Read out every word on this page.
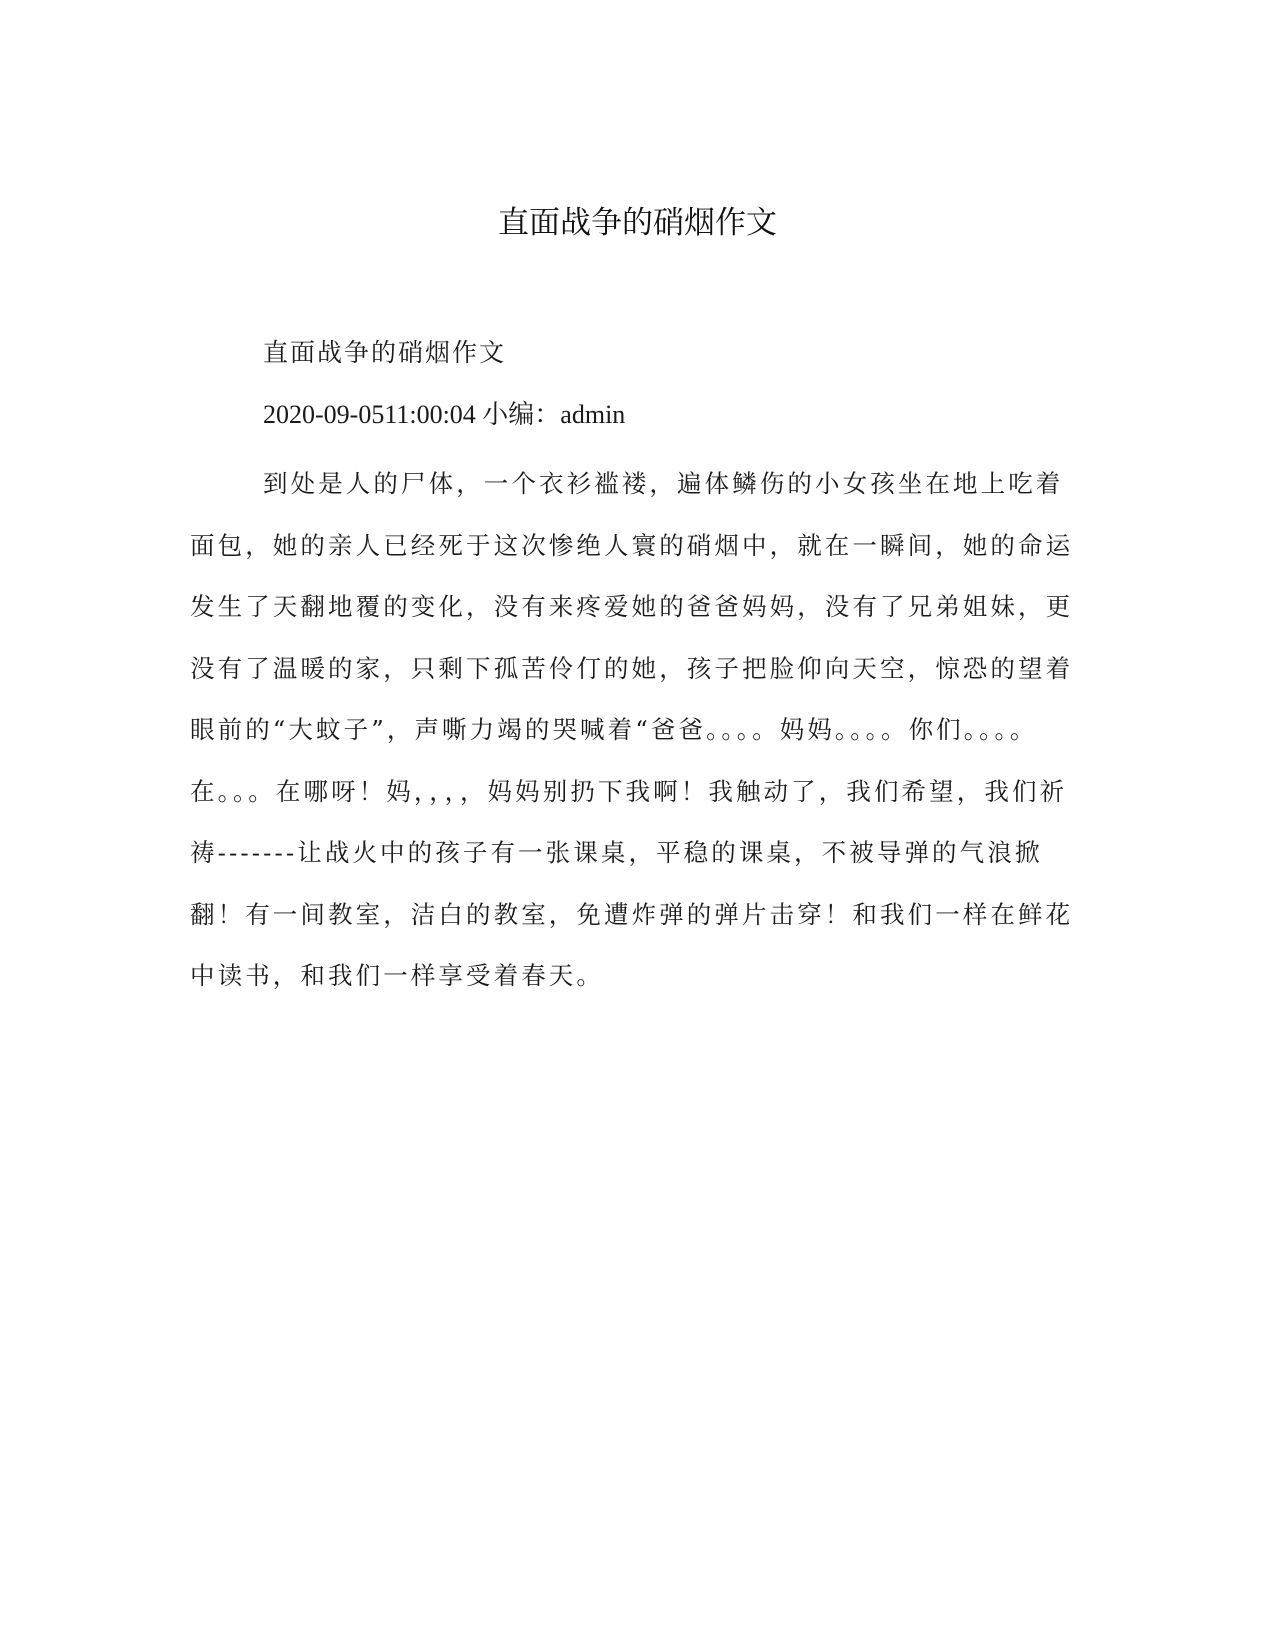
直面战争的硝烟作文
直面战争的硝烟作文
2020-09-0511:00:04 小编：admin

到处是人的尸体，一个衣衫褴褛，遍体鳞伤的小女孩坐在地上吃着面包，她的亲人已经死于这次惨绝人寰的硝烟中，就在一瞬间，她的命运发生了天翻地覆的变化，没有来疼爱她的爸爸妈妈，没有了兄弟姐妹，更没有了温暖的家，只剩下孤苦伶仃的她，孩子把脸仰向天空，惊恐的望着眼前的“大蚊子”，声嘶力竭的哭喊着“爸爸。。。。妈妈。。。。你们。。。。在。。。在哪呀！妈，，，，妈妈别扔下我啊！我触动了，我们希望，我们祈祷-------让战火中的孩子有一张课桌，平稳的课桌，不被导弹的气浪掀翻！有一间教室，洁白的教室，免遭炸弹的弹片击穿！和我们一样在鲜花中读书，和我们一样享受着春天。
